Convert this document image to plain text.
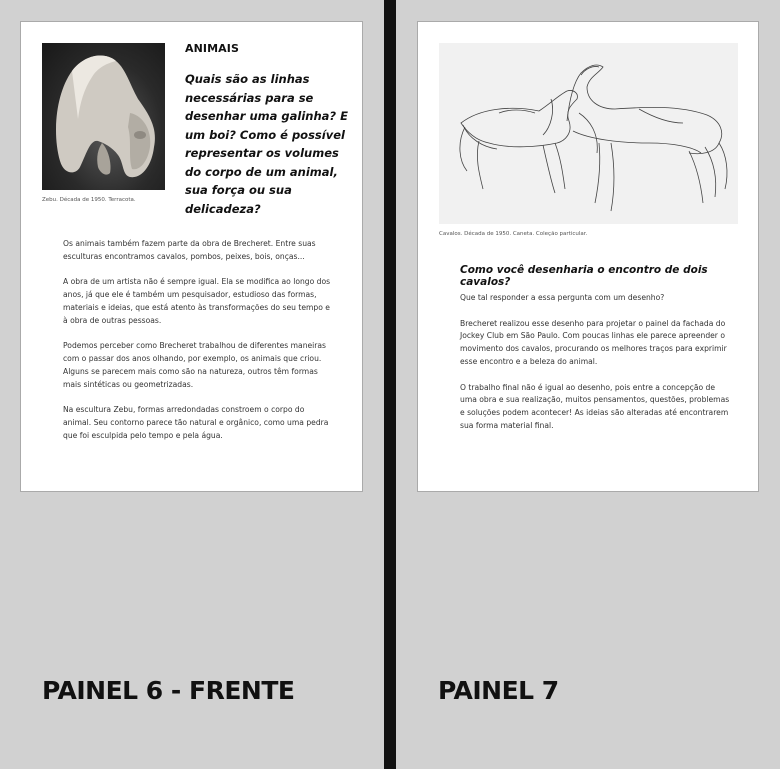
Zebu. Década de 1950. Terracota.
ANIMAIS
Quais são as linhas necessárias para se desenhar uma galinha? E um boi? Como é possível representar os volumes do corpo de um animal, sua força ou sua delicadeza?

Os animais também fazem parte da obra de Brecheret. Entre suas esculturas encontramos cavalos, pombos, peixes, bois, onças...

A obra de um artista não é sempre igual. Ela se modifica ao longo dos anos, já que ele é também um pesquisador, estudioso das formas, materiais e ideias, que está atento às transformações do seu tempo e à obra de outras pessoas.

Podemos perceber como Brecheret trabalhou de diferentes maneiras com o passar dos anos olhando, por exemplo, os animais que criou. Alguns se parecem mais como são na natureza, outros têm formas mais sintéticas ou geometrizadas.

Na escultura Zebu, formas arredondadas constroem o corpo do animal. Seu contorno parece tão natural e orgânico, como uma pedra que foi esculpida pelo tempo e pela água.

Cavalos. Década de 1950. Caneta. Coleção particular.
Como você desenharia o encontro de dois cavalos?

Que tal responder a essa pergunta com um desenho?

Brecheret realizou esse desenho para projetar o painel da fachada do Jockey Club em São Paulo. Com poucas linhas ele parece apreender o movimento dos cavalos, procurando os melhores traços para exprimir esse encontro e a beleza do animal.

O trabalho final não é igual ao desenho, pois entre a concepção de uma obra e sua realização, muitos pensamentos, questões, problemas e soluções podem acontecer! As ideias são alteradas até encontrarem sua forma material final.

PAINEL 6 - FRENTE	PAINEL 7
